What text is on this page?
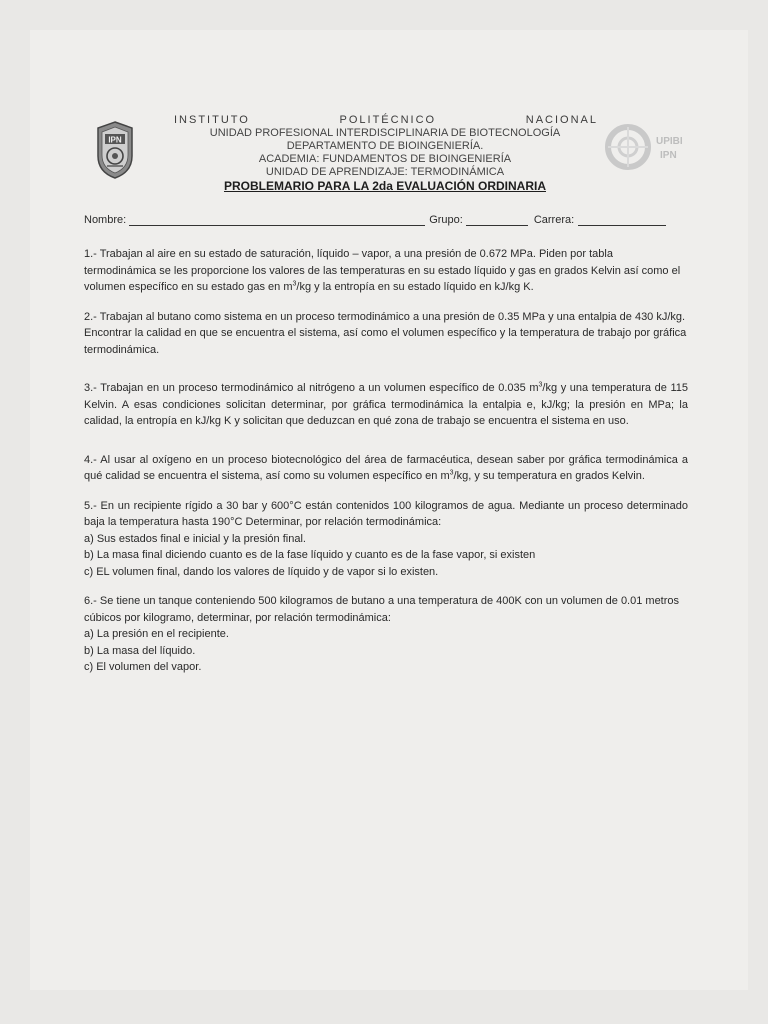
IPN	UPIBI
IPN
INSTITUTO	POLITÉCNICO	NACIONAL
UNIDAD PROFESIONAL INTERDISCIPLINARIA DE BIOTECNOLOGÍA
DEPARTAMENTO DE BIOINGENIERÍA.
ACADEMIA: FUNDAMENTOS DE BIOINGENIERÍA
UNIDAD DE APRENDIZAJE: TERMODINÁMICA
PROBLEMARIO PARA LA 2da EVALUACIÓN ORDINARIA
Nombre:	Grupo:	Carrera:

1.- Trabajan al aire en su estado de saturación, líquido – vapor, a una presión de 0.672 MPa. Piden por tabla termodinámica se les proporcione los valores de las temperaturas en su estado líquido y gas en grados Kelvin así como el volumen específico en su estado gas en $m^3/kg$ y la entropía en su estado líquido en kJ/kg K.

2.- Trabajan al butano como sistema en un proceso termodinámico a una presión de 0.35 MPa y una entalpia de 430 kJ/kg. Encontrar la calidad en que se encuentra el sistema, así como el volumen específico y la temperatura de trabajo por gráfica termodinámica.

3.- Trabajan en un proceso termodinámico al nitrógeno a un volumen específico de 0.035 $m^3/kg$ y una temperatura de 115 Kelvin. A esas condiciones solicitan determinar, por gráfica termodinámica la entalpia e, kJ/kg; la presión en MPa; la calidad, la entropía en kJ/kg K y solicitan que deduzcan en qué zona de trabajo se encuentra el sistema en uso.

4.- Al usar al oxígeno en un proceso biotecnológico del área de farmacéutica, desean saber por gráfica termodinámica a qué calidad se encuentra el sistema, así como su volumen específico en $m^3/kg$, y su temperatura en grados Kelvin.

5.- En un recipiente rígido a 30 bar y 600°C están contenidos 100 kilogramos de agua. Mediante un proceso determinado baja la temperatura hasta 190°C Determinar, por relación termodinámica:

a) Sus estados final e inicial y la presión final.

b) La masa final diciendo cuanto es de la fase líquido y cuanto es de la fase vapor, si existen

c) EL volumen final, dando los valores de líquido y de vapor si lo existen.

6.- Se tiene un tanque conteniendo 500 kilogramos de butano a una temperatura de 400K con un volumen de 0.01 metros cúbicos por kilogramo, determinar, por relación termodinámica:

a) La presión en el recipiente.

b) La masa del líquido.

c) El volumen del vapor.
